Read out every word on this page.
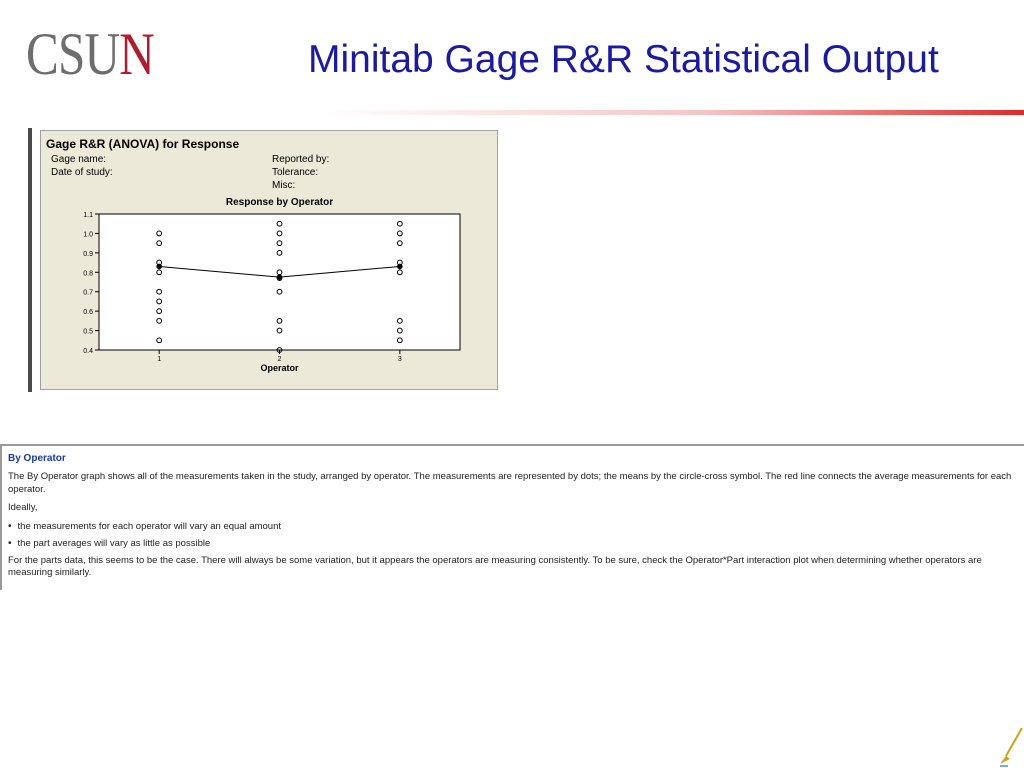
CSUN	Minitab Gage R&R Statistical Output
Gage R&R (ANOVA) for Response
Gage name:
Date of study:
Reported by:
Tolerance:
Misc:
Response by Operator
1.1
1.0
0.9
0.8
0.7
0.6
0.5
0.4
1	2	3
Operator
By Operator

The By Operator graph shows all of the measurements taken in the study, arranged by operator. The measurements are represented by dots; the means by the circle-cross symbol. The red line connects the average measurements for each operator.

Ideally,

• the measurements for each operator will vary an equal amount
• the part averages will vary as little as possible

For the parts data, this seems to be the case. There will always be some variation, but it appears the operators are measuring consistently. To be sure, check the Operator*Part interaction plot when determining whether operators are measuring similarly.
